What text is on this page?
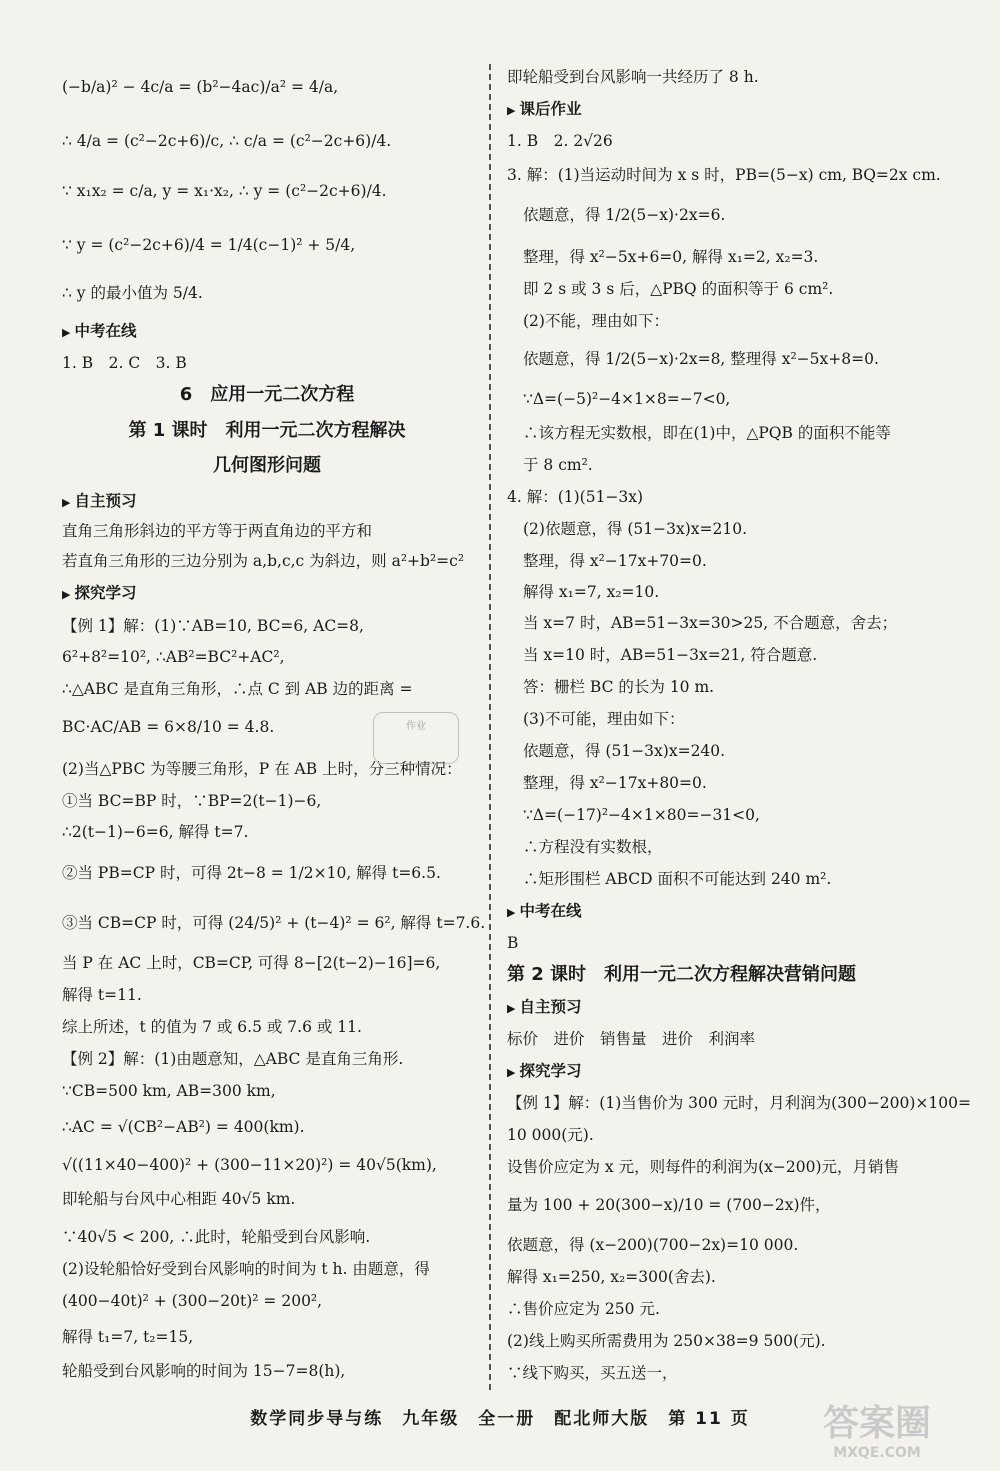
(−b/a)² − 4c/a = (b²−4ac)/a² = 4/a,
∴ 4/a = (c²−2c+6)/c, ∴ c/a = (c²−2c+6)/4.
∵ x₁x₂ = c/a, y = x₁·x₂, ∴ y = (c²−2c+6)/4.
∵ y = (c²−2c+6)/4 = 1/4(c−1)² + 5/4,
∴ y 的最小值为 5/4.
▶ 中考在线
1. B　2. C　3. B
6　应用一元二次方程
第 1 课时　利用一元二次方程解决
几何图形问题
▶ 自主预习
直角三角形斜边的平方等于两直角边的平方和
若直角三角形的三边分别为 a,b,c,c 为斜边，则 a²+b²=c²
▶ 探究学习
【例 1】解：(1)∵AB=10, BC=6, AC=8,
6²+8²=10², ∴AB²=BC²+AC²,
∴△ABC 是直角三角形，∴点 C 到 AB 边的距离 =
BC·AC/AB = 6×8/10 = 4.8.
(2)当△PBC 为等腰三角形，P 在 AB 上时，分三种情况：
①当 BC=BP 时，∵BP=2(t−1)−6,
∴2(t−1)−6=6, 解得 t=7.
②当 PB=CP 时，可得 2t−8 = 1/2×10, 解得 t=6.5.
③当 CB=CP 时，可得 (24/5)² + (t−4)² = 6², 解得 t=7.6.
当 P 在 AC 上时，CB=CP, 可得 8−[2(t−2)−16]=6,
解得 t=11.
综上所述，t 的值为 7 或 6.5 或 7.6 或 11.
【例 2】解：(1)由题意知，△ABC 是直角三角形.
∵CB=500 km, AB=300 km,
∴AC = √(CB²−AB²) = 400(km).
√((11×40−400)² + (300−11×20)²) = 40√5(km),
即轮船与台风中心相距 40√5 km.
∵40√5 < 200, ∴此时，轮船受到台风影响.
(2)设轮船恰好受到台风影响的时间为 t h. 由题意，得
(400−40t)² + (300−20t)² = 200²,
解得 t₁=7, t₂=15,
轮船受到台风影响的时间为 15−7=8(h),
即轮船受到台风影响一共经历了 8 h.
▶ 课后作业
1. B　2. 2√26
3. 解：(1)当运动时间为 x s 时，PB=(5−x) cm, BQ=2x cm.
依题意，得 1/2(5−x)·2x=6.
整理，得 x²−5x+6=0, 解得 x₁=2, x₂=3.
即 2 s 或 3 s 后，△PBQ 的面积等于 6 cm².
(2)不能，理由如下：
依题意，得 1/2(5−x)·2x=8, 整理得 x²−5x+8=0.
∵Δ=(−5)²−4×1×8=−7<0,
∴该方程无实数根，即在(1)中，△PQB 的面积不能等
于 8 cm².
4. 解：(1)(51−3x)
(2)依题意，得 (51−3x)x=210.
整理，得 x²−17x+70=0.
解得 x₁=7, x₂=10.
当 x=7 时，AB=51−3x=30>25, 不合题意，舍去；
当 x=10 时，AB=51−3x=21, 符合题意.
答：栅栏 BC 的长为 10 m.
(3)不可能，理由如下：
依题意，得 (51−3x)x=240.
整理，得 x²−17x+80=0.
∵Δ=(−17)²−4×1×80=−31<0,
∴方程没有实数根，
∴矩形围栏 ABCD 面积不可能达到 240 m².
▶ 中考在线
B
第 2 课时　利用一元二次方程解决营销问题
▶ 自主预习
标价　进价　销售量　进价　利润率
▶ 探究学习
【例 1】解：(1)当售价为 300 元时，月利润为(300−200)×100=
10 000(元).
设售价应定为 x 元，则每件的利润为(x−200)元，月销售
量为 100 + 20(300−x)/10 = (700−2x)件，
依题意，得 (x−200)(700−2x)=10 000.
解得 x₁=250, x₂=300(舍去).
∴售价应定为 250 元.
(2)线上购买所需费用为 250×38=9 500(元).
∵线下购买，买五送一，
作业
数学同步导与练　九年级　全一册　配北师大版　第 11 页	答案圈
MXQE.COM
